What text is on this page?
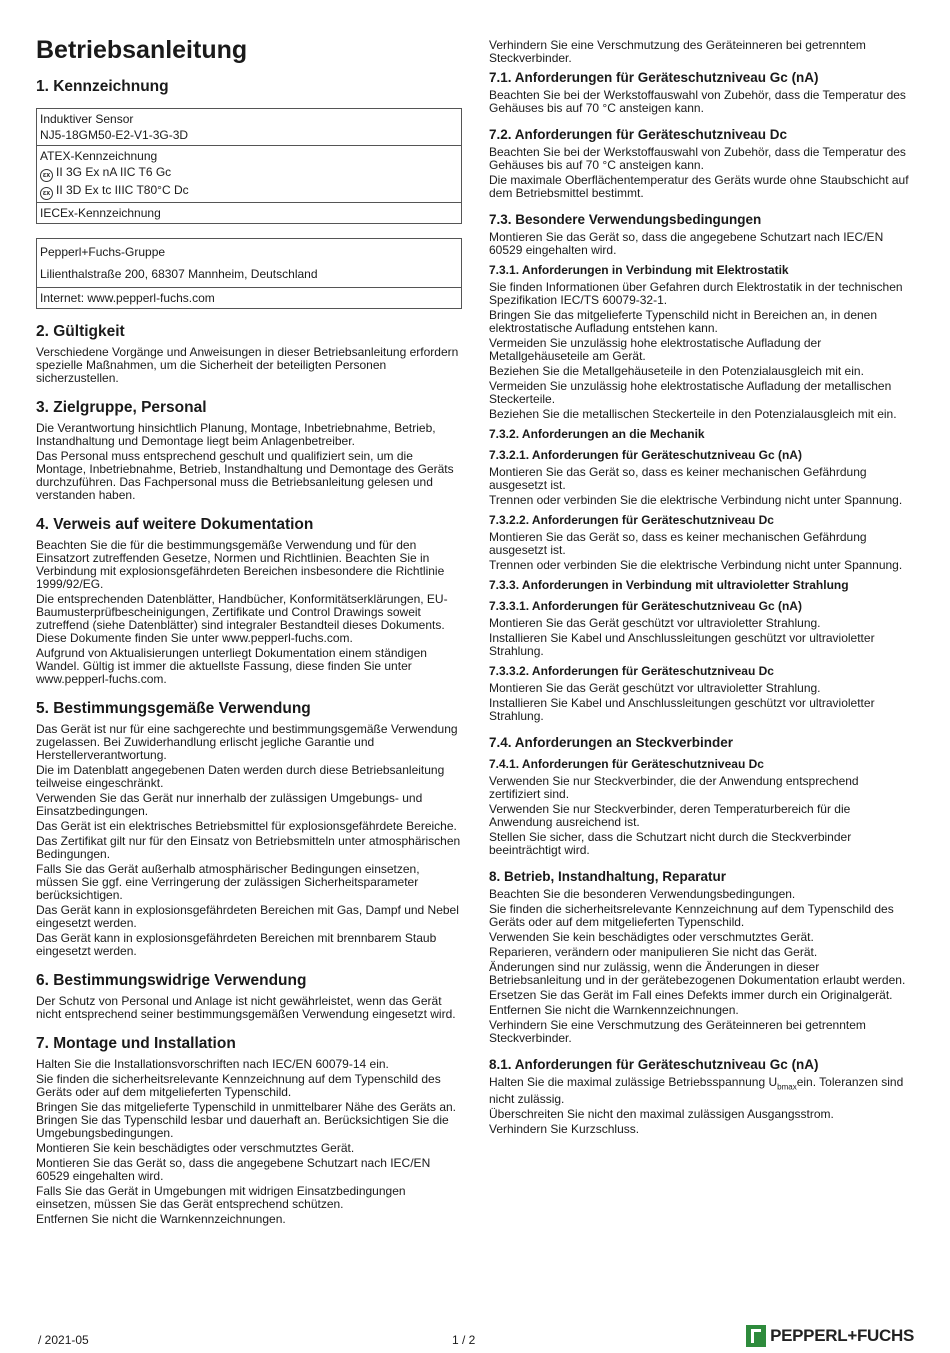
Betriebsanleitung
1. Kennzeichnung
Induktiver Sensor
NJ5-18GM50-E2-V1-3G-3D

ATEX-Kennzeichnung
εx II 3G Ex nA IIC T6 Gc
εx II 3D Ex tc IIIC T80°C Dc

IECEx-Kennzeichnung
Pepperl+Fuchs-Gruppe
Lilienthalstraße 200, 68307 Mannheim, Deutschland

Internet: www.pepperl-fuchs.com
2. Gültigkeit
Verschiedene Vorgänge und Anweisungen in dieser Betriebsanleitung erfordern spezielle Maßnahmen, um die Sicherheit der beteiligten Personen sicherzustellen.
3. Zielgruppe, Personal
Die Verantwortung hinsichtlich Planung, Montage, Inbetriebnahme, Betrieb, Instandhaltung und Demontage liegt beim Anlagenbetreiber.
Das Personal muss entsprechend geschult und qualifiziert sein, um die Montage, Inbetriebnahme, Betrieb, Instandhaltung und Demontage des Geräts durchzuführen. Das Fachpersonal muss die Betriebsanleitung gelesen und verstanden haben.
4. Verweis auf weitere Dokumentation
Beachten Sie die für die bestimmungsgemäße Verwendung und für den Einsatzort zutreffenden Gesetze, Normen und Richtlinien. Beachten Sie in Verbindung mit explosionsgefährdeten Bereichen insbesondere die Richtlinie 1999/92/EG.
Die entsprechenden Datenblätter, Handbücher, Konformitätserklärungen, EU-Baumusterprüfbescheinigungen, Zertifikate und Control Drawings soweit zutreffend (siehe Datenblätter) sind integraler Bestandteil dieses Dokuments. Diese Dokumente finden Sie unter www.pepperl-fuchs.com.
Aufgrund von Aktualisierungen unterliegt Dokumentation einem ständigen Wandel. Gültig ist immer die aktuellste Fassung, diese finden Sie unter www.pepperl-fuchs.com.
5. Bestimmungsgemäße Verwendung
Das Gerät ist nur für eine sachgerechte und bestimmungsgemäße Verwendung zugelassen. Bei Zuwiderhandlung erlischt jegliche Garantie und Herstellerverantwortung.
Die im Datenblatt angegebenen Daten werden durch diese Betriebsanleitung teilweise eingeschränkt.
Verwenden Sie das Gerät nur innerhalb der zulässigen Umgebungs- und Einsatzbedingungen.
Das Gerät ist ein elektrisches Betriebsmittel für explosionsgefährdete Bereiche.
Das Zertifikat gilt nur für den Einsatz von Betriebsmitteln unter atmosphärischen Bedingungen.
Falls Sie das Gerät außerhalb atmosphärischer Bedingungen einsetzen, müssen Sie ggf. eine Verringerung der zulässigen Sicherheitsparameter berücksichtigen.
Das Gerät kann in explosionsgefährdeten Bereichen mit Gas, Dampf und Nebel eingesetzt werden.
Das Gerät kann in explosionsgefährdeten Bereichen mit brennbarem Staub eingesetzt werden.
6. Bestimmungswidrige Verwendung
Der Schutz von Personal und Anlage ist nicht gewährleistet, wenn das Gerät nicht entsprechend seiner bestimmungsgemäßen Verwendung eingesetzt wird.
7. Montage und Installation
Halten Sie die Installationsvorschriften nach IEC/EN 60079-14 ein.
Sie finden die sicherheitsrelevante Kennzeichnung auf dem Typenschild des Geräts oder auf dem mitgelieferten Typenschild.
Bringen Sie das mitgelieferte Typenschild in unmittelbarer Nähe des Geräts an. Bringen Sie das Typenschild lesbar und dauerhaft an. Berücksichtigen Sie die Umgebungsbedingungen.
Montieren Sie kein beschädigtes oder verschmutztes Gerät.
Montieren Sie das Gerät so, dass die angegebene Schutzart nach IEC/EN 60529 eingehalten wird.
Falls Sie das Gerät in Umgebungen mit widrigen Einsatzbedingungen einsetzen, müssen Sie das Gerät entsprechend schützen.
Entfernen Sie nicht die Warnkennzeichnungen.
Verhindern Sie eine Verschmutzung des Geräteinneren bei getrenntem Steckverbinder.
7.1. Anforderungen für Geräteschutzniveau Gc (nA)
Beachten Sie bei der Werkstoffauswahl von Zubehör, dass die Temperatur des Gehäuses bis auf 70 °C ansteigen kann.
7.2. Anforderungen für Geräteschutzniveau Dc
Beachten Sie bei der Werkstoffauswahl von Zubehör, dass die Temperatur des Gehäuses bis auf 70 °C ansteigen kann.
Die maximale Oberflächentemperatur des Geräts wurde ohne Staubschicht auf dem Betriebsmittel bestimmt.
7.3. Besondere Verwendungsbedingungen
Montieren Sie das Gerät so, dass die angegebene Schutzart nach IEC/EN 60529 eingehalten wird.
7.3.1. Anforderungen in Verbindung mit Elektrostatik
Sie finden Informationen über Gefahren durch Elektrostatik in der technischen Spezifikation IEC/TS 60079-32-1.
Bringen Sie das mitgelieferte Typenschild nicht in Bereichen an, in denen elektrostatische Aufladung entstehen kann.
Vermeiden Sie unzulässig hohe elektrostatische Aufladung der Metallgehäuseteile am Gerät.
Beziehen Sie die Metallgehäuseteile in den Potenzialausgleich mit ein.
Vermeiden Sie unzulässig hohe elektrostatische Aufladung der metallischen Steckerteile.
Beziehen Sie die metallischen Steckerteile in den Potenzialausgleich mit ein.
7.3.2. Anforderungen an die Mechanik
7.3.2.1. Anforderungen für Geräteschutzniveau Gc (nA)
Montieren Sie das Gerät so, dass es keiner mechanischen Gefährdung ausgesetzt ist.
Trennen oder verbinden Sie die elektrische Verbindung nicht unter Spannung.
7.3.2.2. Anforderungen für Geräteschutzniveau Dc
Montieren Sie das Gerät so, dass es keiner mechanischen Gefährdung ausgesetzt ist.
Trennen oder verbinden Sie die elektrische Verbindung nicht unter Spannung.
7.3.3. Anforderungen in Verbindung mit ultravioletter Strahlung
7.3.3.1. Anforderungen für Geräteschutzniveau Gc (nA)
Montieren Sie das Gerät geschützt vor ultravioletter Strahlung.
Installieren Sie Kabel und Anschlussleitungen geschützt vor ultravioletter Strahlung.
7.3.3.2. Anforderungen für Geräteschutzniveau Dc
Montieren Sie das Gerät geschützt vor ultravioletter Strahlung.
Installieren Sie Kabel und Anschlussleitungen geschützt vor ultravioletter Strahlung.
7.4. Anforderungen an Steckverbinder
7.4.1. Anforderungen für Geräteschutzniveau Dc
Verwenden Sie nur Steckverbinder, die der Anwendung entsprechend zertifiziert sind.
Verwenden Sie nur Steckverbinder, deren Temperaturbereich für die Anwendung ausreichend ist.
Stellen Sie sicher, dass die Schutzart nicht durch die Steckverbinder beeinträchtigt wird.
8. Betrieb, Instandhaltung, Reparatur
Beachten Sie die besonderen Verwendungsbedingungen.
Sie finden die sicherheitsrelevante Kennzeichnung auf dem Typenschild des Geräts oder auf dem mitgelieferten Typenschild.
Verwenden Sie kein beschädigtes oder verschmutztes Gerät.
Reparieren, verändern oder manipulieren Sie nicht das Gerät.
Änderungen sind nur zulässig, wenn die Änderungen in dieser Betriebsanleitung und in der gerätebezogenen Dokumentation erlaubt werden.
Ersetzen Sie das Gerät im Fall eines Defekts immer durch ein Originalgerät.
Entfernen Sie nicht die Warnkennzeichnungen.
Verhindern Sie eine Verschmutzung des Geräteinneren bei getrenntem Steckverbinder.
8.1. Anforderungen für Geräteschutzniveau Gc (nA)
Halten Sie die maximal zulässige Betriebsspannung $U_{bmax}ein$. Toleranzen sind nicht zulässig.
Überschreiten Sie nicht den maximal zulässigen Ausgangsstrom.
Verhindern Sie Kurzschluss.
/ 2021-05	1 / 2	PEPPERL+FUCHS
